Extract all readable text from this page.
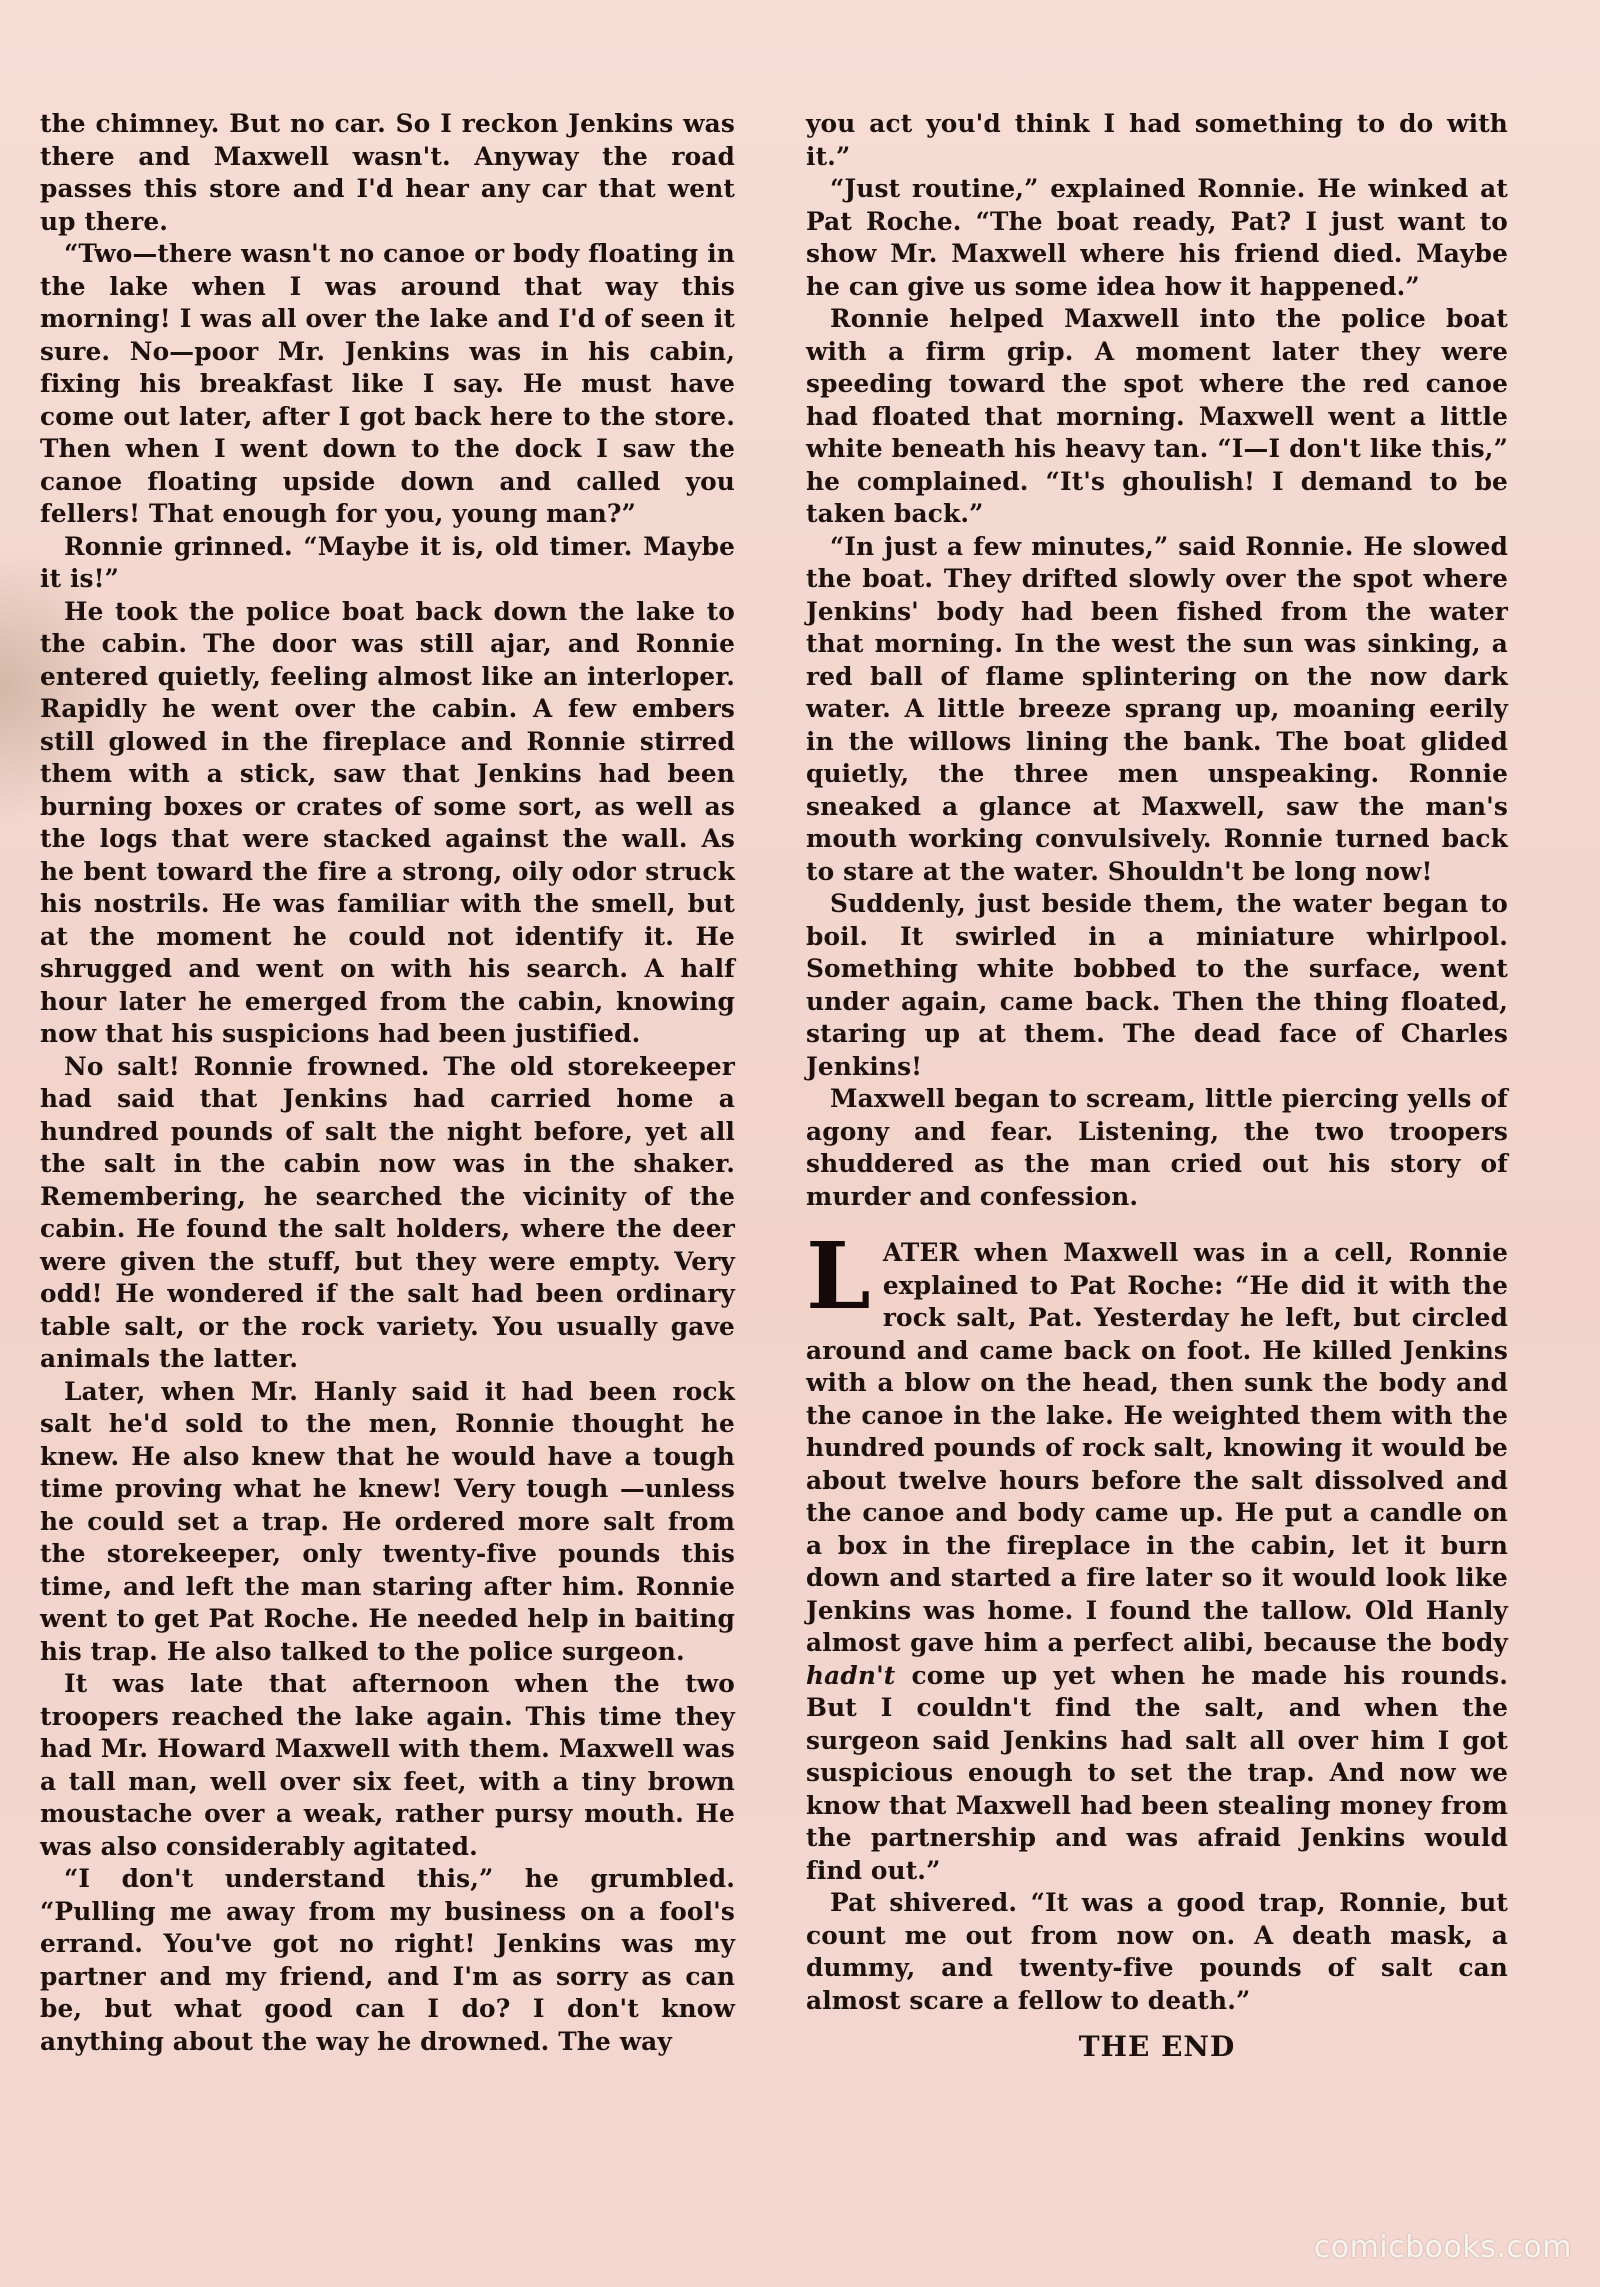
the chimney. But no car. So I reckon Jenkins was there and Maxwell wasn't. Anyway the road passes this store and I'd hear any car that went up there.

“Two—there wasn't no canoe or body floating in the lake when I was around that way this morning! I was all over the lake and I'd of seen it sure. No—poor Mr. Jenkins was in his cabin, fixing his breakfast like I say. He must have come out later, after I got back here to the store. Then when I went down to the dock I saw the canoe floating upside down and called you fellers! That enough for you, young man?”

Ronnie grinned. “Maybe it is, old timer. Maybe it is!”

He took the police boat back down the lake to the cabin. The door was still ajar, and Ronnie entered quietly, feeling almost like an interloper. Rapidly he went over the cabin. A few embers still glowed in the fireplace and Ronnie stirred them with a stick, saw that Jenkins had been burning boxes or crates of some sort, as well as the logs that were stacked against the wall. As he bent toward the fire a strong, oily odor struck his nostrils. He was familiar with the smell, but at the moment he could not identify it. He shrugged and went on with his search. A half hour later he emerged from the cabin, knowing now that his suspicions had been justified.

No salt! Ronnie frowned. The old storekeeper had said that Jenkins had carried home a hundred pounds of salt the night before, yet all the salt in the cabin now was in the shaker. Remembering, he searched the vicinity of the cabin. He found the salt holders, where the deer were given the stuff, but they were empty. Very odd! He wondered if the salt had been ordinary table salt, or the rock variety. You usually gave animals the latter.

Later, when Mr. Hanly said it had been rock salt he'd sold to the men, Ronnie thought he knew. He also knew that he would have a tough time proving what he knew! Very tough —unless he could set a trap. He ordered more salt from the storekeeper, only twenty-five pounds this time, and left the man staring after him. Ronnie went to get Pat Roche. He needed help in baiting his trap. He also talked to the police surgeon.

It was late that afternoon when the two troopers reached the lake again. This time they had Mr. Howard Maxwell with them. Maxwell was a tall man, well over six feet, with a tiny brown moustache over a weak, rather pursy mouth. He was also considerably agitated.

“I don't understand this,” he grumbled. “Pulling me away from my business on a fool's errand. You've got no right! Jenkins was my partner and my friend, and I'm as sorry as can be, but what good can I do? I don't know anything about the way he drowned. The way

you act you'd think I had something to do with it.”

“Just routine,” explained Ronnie. He winked at Pat Roche. “The boat ready, Pat? I just want to show Mr. Maxwell where his friend died. Maybe he can give us some idea how it happened.”

Ronnie helped Maxwell into the police boat with a firm grip. A moment later they were speeding toward the spot where the red canoe had floated that morning. Maxwell went a little white beneath his heavy tan. “I—I don't like this,” he complained. “It's ghoulish! I demand to be taken back.”

“In just a few minutes,” said Ronnie. He slowed the boat. They drifted slowly over the spot where Jenkins' body had been fished from the water that morning. In the west the sun was sinking, a red ball of flame splintering on the now dark water. A little breeze sprang up, moaning eerily in the willows lining the bank. The boat glided quietly, the three men unspeaking. Ronnie sneaked a glance at Maxwell, saw the man's mouth working convulsively. Ronnie turned back to stare at the water. Shouldn't be long now!

Suddenly, just beside them, the water began to boil. It swirled in a miniature whirlpool. Something white bobbed to the surface, went under again, came back. Then the thing floated, staring up at them. The dead face of Charles Jenkins!

Maxwell began to scream, little piercing yells of agony and fear. Listening, the two troopers shuddered as the man cried out his story of murder and confession.

LATER when Maxwell was in a cell, Ronnie explained to Pat Roche: “He did it with the rock salt, Pat. Yesterday he left, but circled around and came back on foot. He killed Jenkins with a blow on the head, then sunk the body and the canoe in the lake. He weighted them with the hundred pounds of rock salt, knowing it would be about twelve hours before the salt dissolved and the canoe and body came up. He put a candle on a box in the fireplace in the cabin, let it burn down and started a fire later so it would look like Jenkins was home. I found the tallow. Old Hanly almost gave him a perfect alibi, because the body hadn't come up yet when he made his rounds. But I couldn't find the salt, and when the surgeon said Jenkins had salt all over him I got suspicious enough to set the trap. And now we know that Maxwell had been stealing money from the partnership and was afraid Jenkins would find out.”

Pat shivered. “It was a good trap, Ronnie, but count me out from now on. A death mask, a dummy, and twenty-five pounds of salt can almost scare a fellow to death.”

THE END

comicbooks.com
